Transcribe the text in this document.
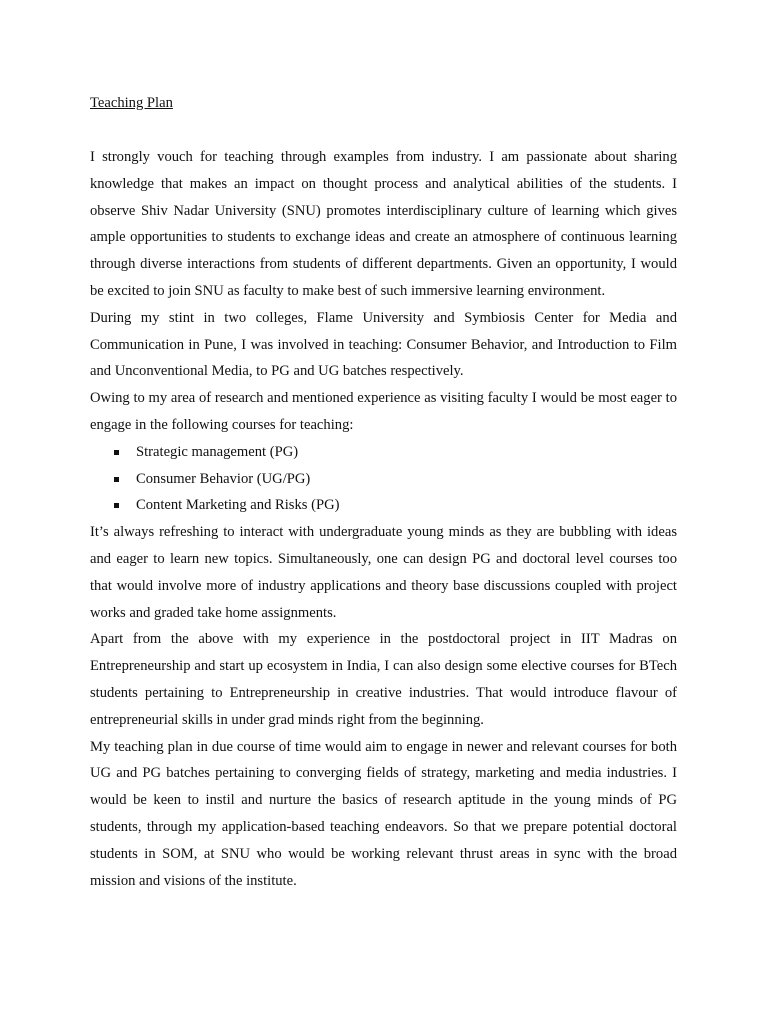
Teaching Plan

I strongly vouch for teaching through examples from industry. I am passionate about sharing knowledge that makes an impact on thought process and analytical abilities of the students. I observe Shiv Nadar University (SNU) promotes interdisciplinary culture of learning which gives ample opportunities to students to exchange ideas and create an atmosphere of continuous learning through diverse interactions from students of different departments. Given an opportunity, I would be excited to join SNU as faculty to make best of such immersive learning environment.

During my stint in two colleges, Flame University and Symbiosis Center for Media and Communication in Pune, I was involved in teaching: Consumer Behavior, and Introduction to Film and Unconventional Media, to PG and UG batches respectively.

Owing to my area of research and mentioned experience as visiting faculty I would be most eager to engage in the following courses for teaching:

Strategic management (PG)
Consumer Behavior (UG/PG)
Content Marketing and Risks (PG)

It’s always refreshing to interact with undergraduate young minds as they are bubbling with ideas and eager to learn new topics. Simultaneously, one can design PG and doctoral level courses too that would involve more of industry applications and theory base discussions coupled with project works and graded take home assignments.

Apart from the above with my experience in the postdoctoral project in IIT Madras on Entrepreneurship and start up ecosystem in India, I can also design some elective courses for BTech students pertaining to Entrepreneurship in creative industries. That would introduce flavour of entrepreneurial skills in under grad minds right from the beginning.

My teaching plan in due course of time would aim to engage in newer and relevant courses for both UG and PG batches pertaining to converging fields of strategy, marketing and media industries. I would be keen to instil and nurture the basics of research aptitude in the young minds of PG students, through my application-based teaching endeavors. So that we prepare potential doctoral students in SOM, at SNU who would be working relevant thrust areas in sync with the broad mission and visions of the institute.
